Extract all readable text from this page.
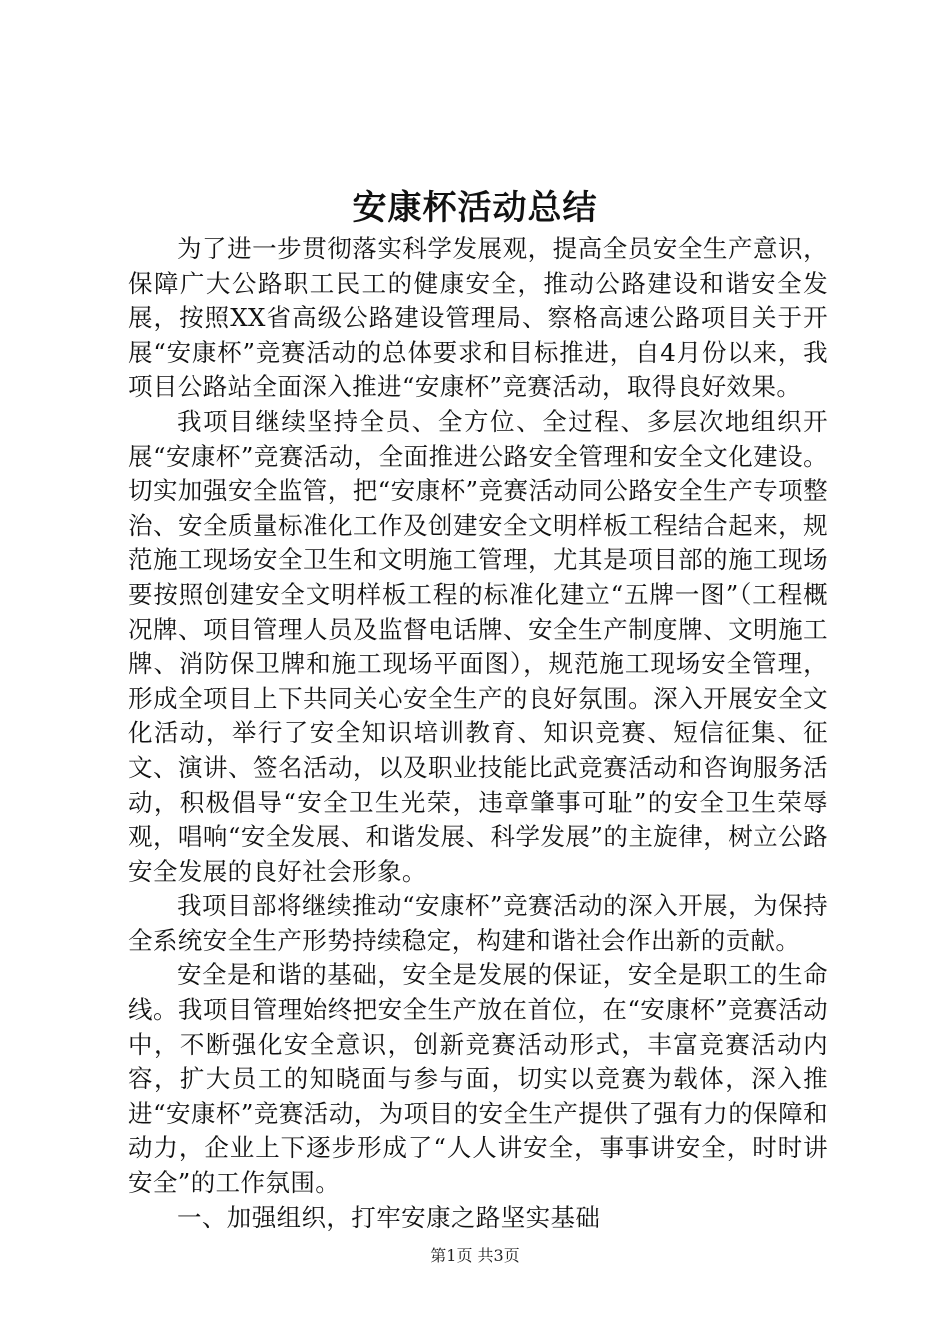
安康杯活动总结

为了进一步贯彻落实科学发展观，提高全员安全生产意识，保障广大公路职工民工的健康安全，推动公路建设和谐安全发展，按照XX省高级公路建设管理局、察格高速公路项目关于开展“安康杯”竞赛活动的总体要求和目标推进，自4月份以来，我项目公路站全面深入推进“安康杯”竞赛活动，取得良好效果。

我项目继续坚持全员、全方位、全过程、多层次地组织开展“安康杯”竞赛活动，全面推进公路安全管理和安全文化建设。切实加强安全监管，把“安康杯”竞赛活动同公路安全生产专项整治、安全质量标准化工作及创建安全文明样板工程结合起来，规范施工现场安全卫生和文明施工管理，尤其是项目部的施工现场要按照创建安全文明样板工程的标准化建立“五牌一图”（工程概况牌、项目管理人员及监督电话牌、安全生产制度牌、文明施工牌、消防保卫牌和施工现场平面图），规范施工现场安全管理，形成全项目上下共同关心安全生产的良好氛围。深入开展安全文化活动，举行了安全知识培训教育、知识竞赛、短信征集、征文、演讲、签名活动，以及职业技能比武竞赛活动和咨询服务活动，积极倡导“安全卫生光荣，违章肇事可耻”的安全卫生荣辱观，唱响“安全发展、和谐发展、科学发展”的主旋律，树立公路安全发展的良好社会形象。

我项目部将继续推动“安康杯”竞赛活动的深入开展，为保持全系统安全生产形势持续稳定，构建和谐社会作出新的贡献。

安全是和谐的基础，安全是发展的保证，安全是职工的生命线。我项目管理始终把安全生产放在首位，在“安康杯”竞赛活动中，不断强化安全意识，创新竞赛活动形式，丰富竞赛活动内容，扩大员工的知晓面与参与面，切实以竞赛为载体，深入推进“安康杯”竞赛活动，为项目的安全生产提供了强有力的保障和动力，企业上下逐步形成了“人人讲安全，事事讲安全，时时讲安全”的工作氛围。

一、加强组织，打牢安康之路坚实基础

第1页 共3页
